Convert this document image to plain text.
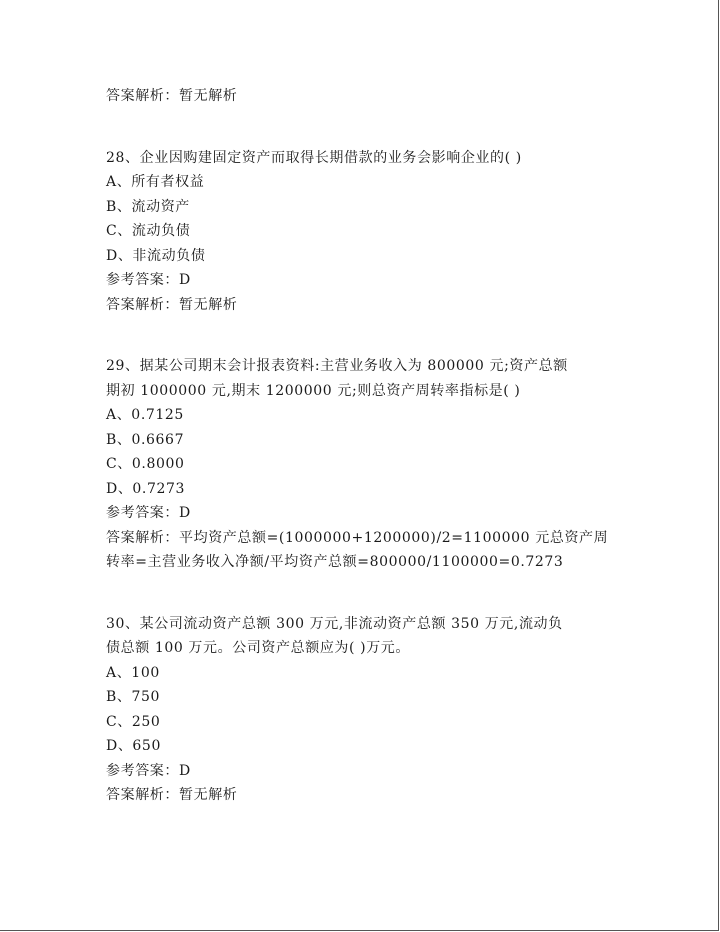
答案解析：暂无解析
28、企业因购建固定资产而取得长期借款的业务会影响企业的( )
A、所有者权益
B、流动资产
C、流动负债
D、非流动负债
参考答案：D
答案解析：暂无解析
29、据某公司期末会计报表资料:主营业务收入为 800000 元;资产总额
期初 1000000 元,期末 1200000 元;则总资产周转率指标是( )
A、0.7125
B、0.6667
C、0.8000
D、0.7273
参考答案：D
答案解析：平均资产总额=(1000000+1200000)/2=1100000 元总资产周
转率=主营业务收入净额/平均资产总额=800000/1100000=0.7273
30、某公司流动资产总额 300 万元,非流动资产总额 350 万元,流动负
债总额 100 万元。公司资产总额应为( )万元。
A、100
B、750
C、250
D、650
参考答案：D
答案解析：暂无解析
